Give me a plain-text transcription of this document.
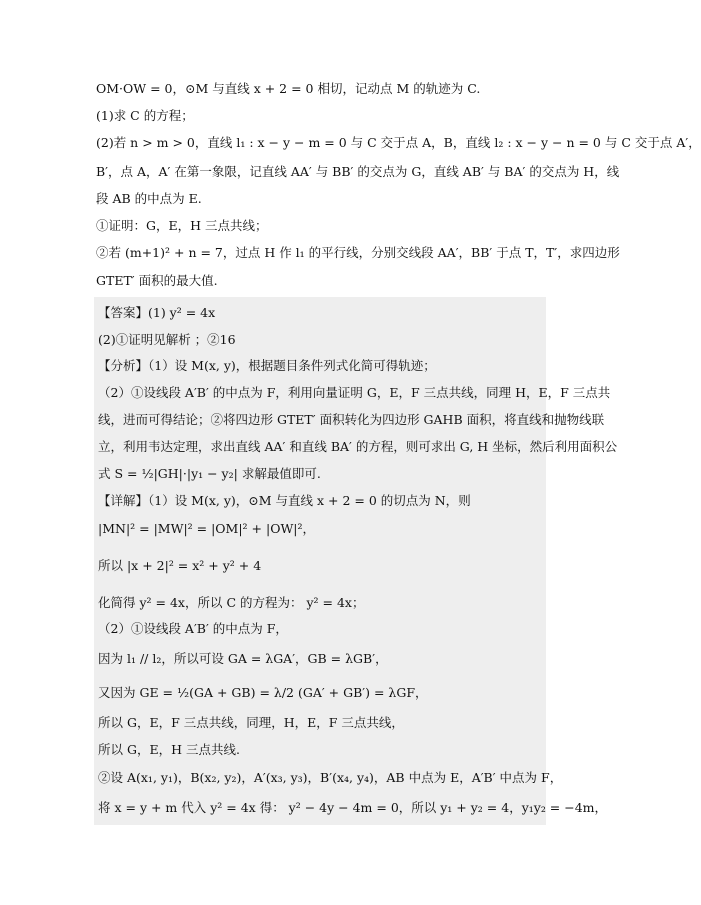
OM·OW = 0，⊙M 与直线 x + 2 = 0 相切，记动点 M 的轨迹为 C.
(1)求 C 的方程；
(2)若 n > m > 0，直线 l₁ : x − y − m = 0 与 C 交于点 A，B，直线 l₂ : x − y − n = 0 与 C 交于点 A′，
B′，点 A，A′ 在第一象限，记直线 AA′ 与 BB′ 的交点为 G，直线 AB′ 与 BA′ 的交点为 H，线
段 AB 的中点为 E.
①证明：G，E，H 三点共线；
②若 (m+1)² + n = 7，过点 H 作 l₁ 的平行线，分别交线段 AA′，BB′ 于点 T，T′，求四边形
GTET′ 面积的最大值.
【答案】(1) y² = 4x
(2)①证明见解析 ；②16
【分析】（1）设 M(x, y)，根据题目条件列式化简可得轨迹；
（2）①设线段 A′B′ 的中点为 F，利用向量证明 G，E，F 三点共线，同理 H，E，F 三点共
线，进而可得结论；②将四边形 GTET′ 面积转化为四边形 GAHB 面积，将直线和抛物线联
立，利用韦达定理，求出直线 AA′ 和直线 BA′ 的方程，则可求出 G, H 坐标，然后利用面积公
式 S = ½|GH|·|y₁ − y₂| 求解最值即可.
【详解】（1）设 M(x, y)，⊙M 与直线 x + 2 = 0 的切点为 N，则
|MN|² = |MW|² = |OM|² + |OW|²，
所以 |x + 2|² = x² + y² + 4
化简得 y² = 4x，所以 C 的方程为： y² = 4x；
（2）①设线段 A′B′ 的中点为 F，
因为 l₁ // l₂，所以可设 GA = λGA′，GB = λGB′，
又因为 GE = ½(GA + GB) = λ/2 (GA′ + GB′) = λGF，
所以 G，E，F 三点共线，同理，H，E，F 三点共线，
所以 G，E，H 三点共线.
②设 A(x₁, y₁)，B(x₂, y₂)，A′(x₃, y₃)，B′(x₄, y₄)，AB 中点为 E，A′B′ 中点为 F，
将 x = y + m 代入 y² = 4x 得： y² − 4y − 4m = 0，所以 y₁ + y₂ = 4，y₁y₂ = −4m，
